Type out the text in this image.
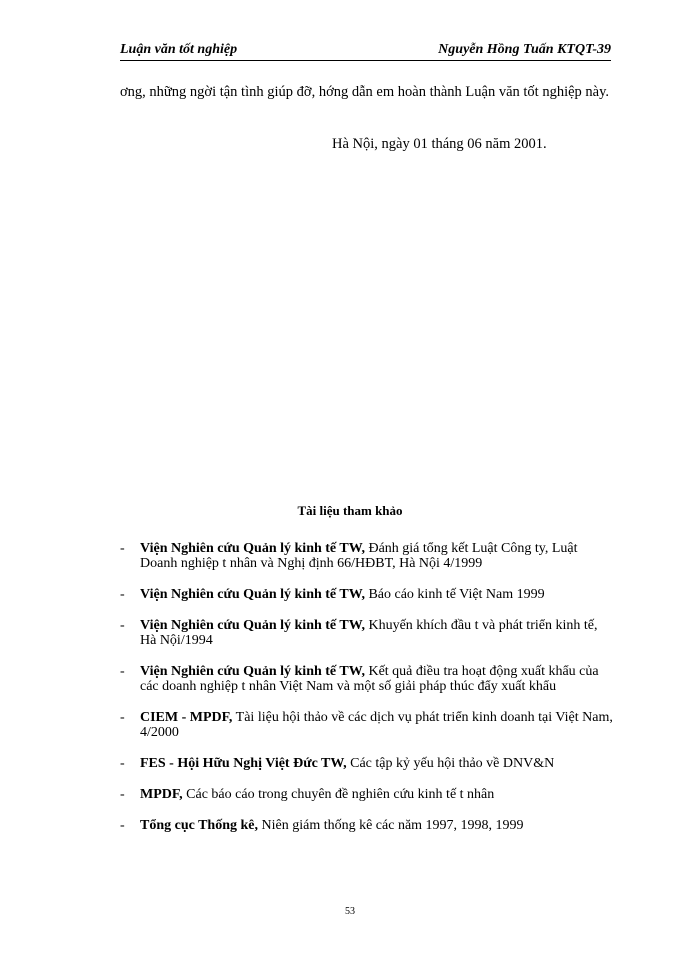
Luận văn tốt nghiệp	Nguyễn Hồng Tuấn KTQT-39

ơng, những ngời tận tình giúp đỡ, hớng dẫn em hoàn thành Luận văn tốt nghiệp này.

Hà Nội, ngày 01 tháng 06 năm 2001.
Tài liệu tham khảo
- Viện Nghiên cứu Quản lý kinh tế TW, Đánh giá tổng kết Luật Công ty, Luật Doanh nghiệp t nhân và Nghị định 66/HĐBT, Hà Nội 4/1999
- Viện Nghiên cứu Quản lý kinh tế TW, Báo cáo kinh tế Việt Nam 1999
- Viện Nghiên cứu Quản lý kinh tế TW, Khuyến khích đầu t và phát triển kinh tế, Hà Nội/1994
- Viện Nghiên cứu Quản lý kinh tế TW, Kết quả điều tra hoạt động xuất khẩu của các doanh nghiệp t nhân Việt Nam và một số giải pháp thúc đẩy xuất khẩu
- CIEM - MPDF, Tài liệu hội thảo về các dịch vụ phát triển kinh doanh tại Việt Nam, 4/2000
- FES - Hội Hữu Nghị Việt Đức TW, Các tập kỷ yếu hội thảo về DNV&N
- MPDF, Các báo cáo trong chuyên đề nghiên cứu kinh tế t nhân
- Tổng cục Thống kê, Niên giám thống kê các năm 1997, 1998, 1999
53
